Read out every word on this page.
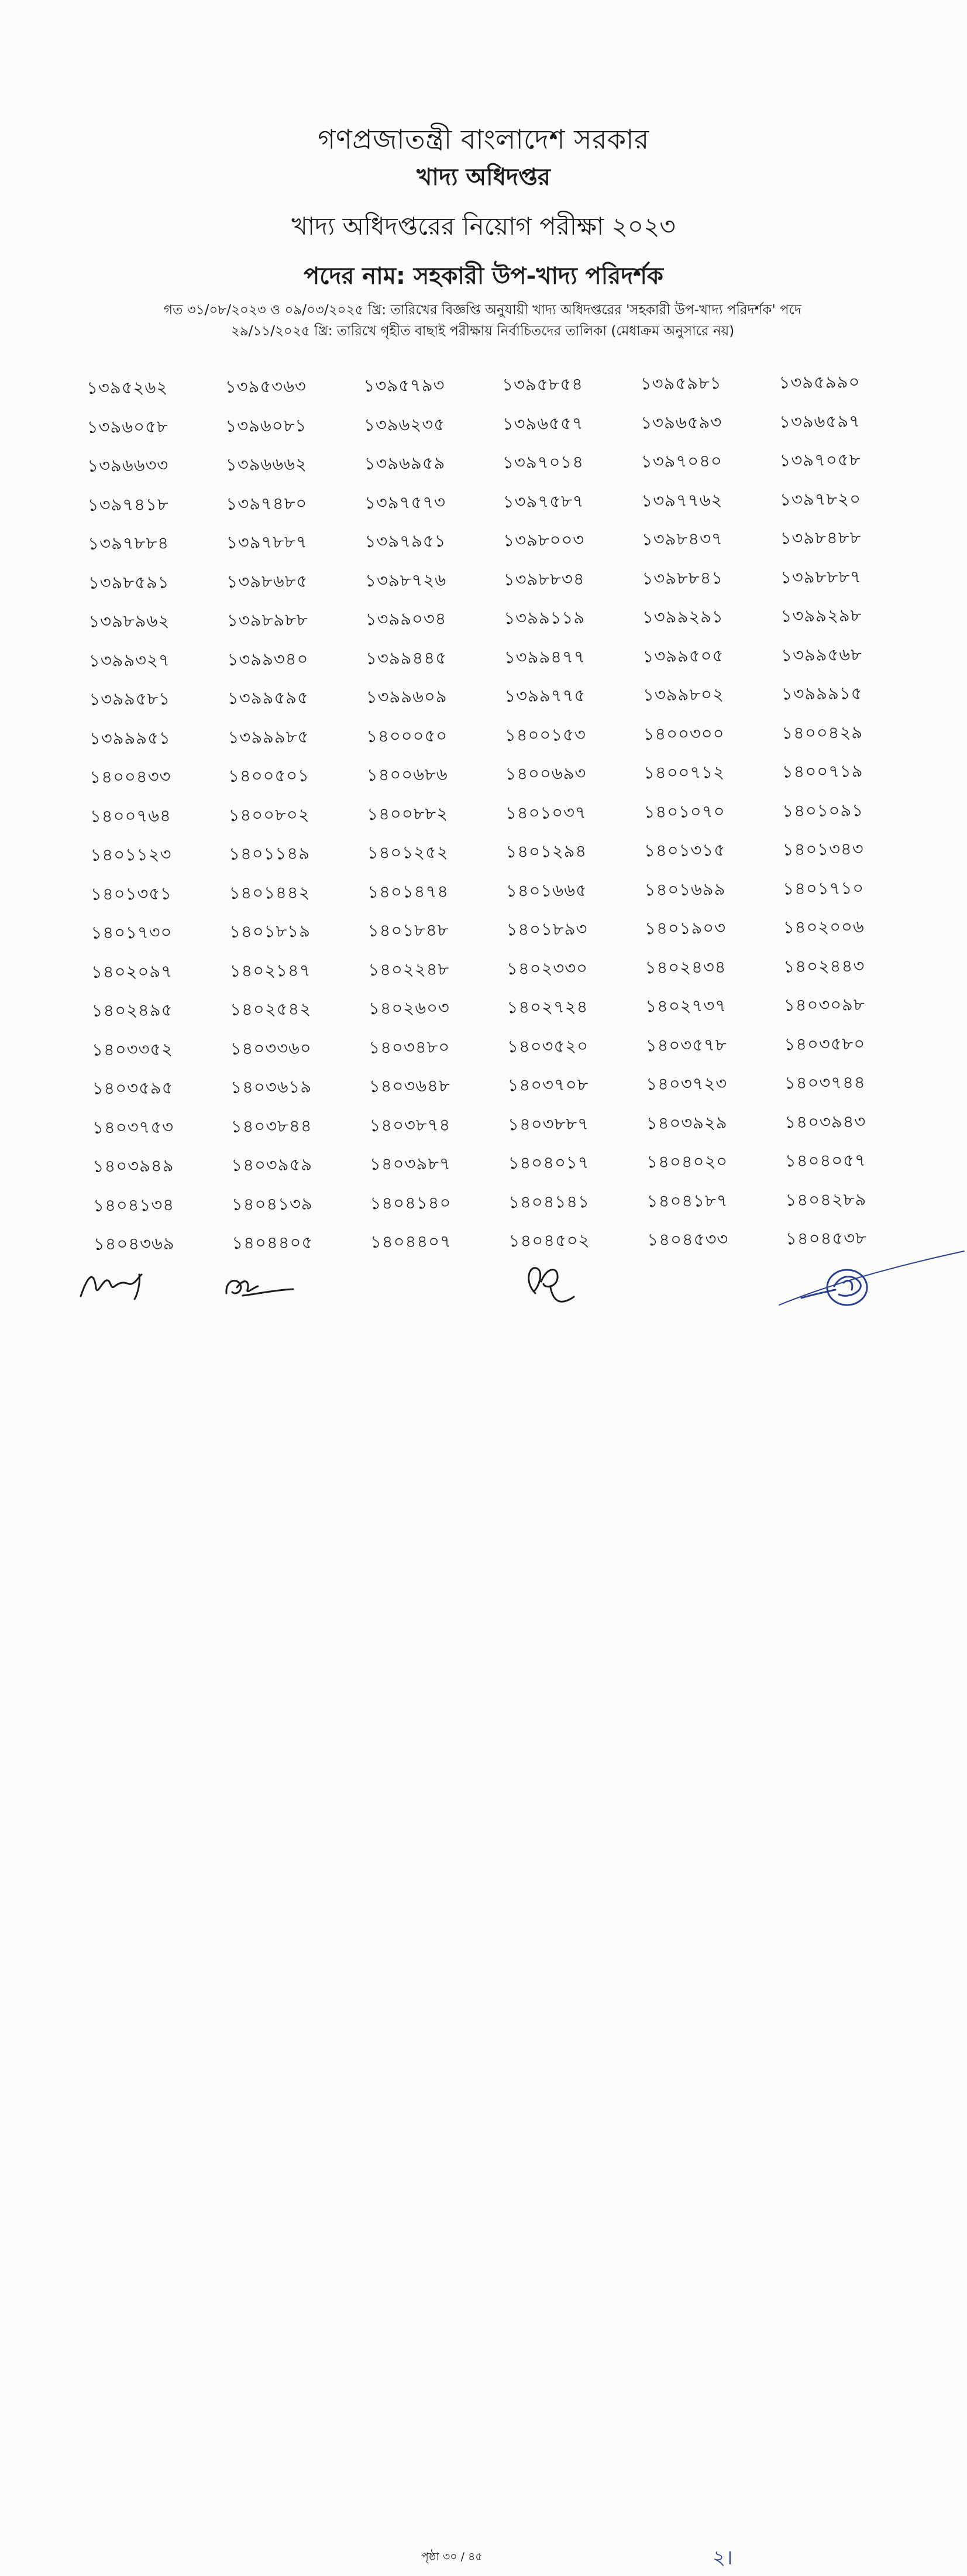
গণপ্রজাতন্ত্রী বাংলাদেশ সরকার

খাদ্য অধিদপ্তর

খাদ্য অধিদপ্তরের নিয়োগ পরীক্ষা ২০২৩

পদের নাম: সহকারী উপ-খাদ্য পরিদর্শক

গত ৩১/০৮/২০২৩ ও ০৯/০৩/২০২৫ খ্রি: তারিখের বিজ্ঞপ্তি অনুযায়ী খাদ্য অধিদপ্তরের 'সহকারী উপ-খাদ্য পরিদর্শক' পদে
২৯/১১/২০২৫ খ্রি: তারিখে গৃহীত বাছাই পরীক্ষায় নির্বাচিতদের তালিকা (মেধাক্রম অনুসারে নয়)
১৩৯৫২৬২	১৩৯৫৩৬৩	১৩৯৫৭৯৩	১৩৯৫৮৫৪	১৩৯৫৯৮১	১৩৯৫৯৯০
১৩৯৬০৫৮	১৩৯৬০৮১	১৩৯৬২৩৫	১৩৯৬৫৫৭	১৩৯৬৫৯৩	১৩৯৬৫৯৭
১৩৯৬৬৩৩	১৩৯৬৬৬২	১৩৯৬৯৫৯	১৩৯৭০১৪	১৩৯৭০৪০	১৩৯৭০৫৮
১৩৯৭৪১৮	১৩৯৭৪৮০	১৩৯৭৫৭৩	১৩৯৭৫৮৭	১৩৯৭৭৬২	১৩৯৭৮২০
১৩৯৭৮৮৪	১৩৯৭৮৮৭	১৩৯৭৯৫১	১৩৯৮০০৩	১৩৯৮৪৩৭	১৩৯৮৪৮৮
১৩৯৮৫৯১	১৩৯৮৬৮৫	১৩৯৮৭২৬	১৩৯৮৮৩৪	১৩৯৮৮৪১	১৩৯৮৮৮৭
১৩৯৮৯৬২	১৩৯৮৯৮৮	১৩৯৯০৩৪	১৩৯৯১১৯	১৩৯৯২৯১	১৩৯৯২৯৮
১৩৯৯৩২৭	১৩৯৯৩৪০	১৩৯৯৪৪৫	১৩৯৯৪৭৭	১৩৯৯৫০৫	১৩৯৯৫৬৮
১৩৯৯৫৮১	১৩৯৯৫৯৫	১৩৯৯৬০৯	১৩৯৯৭৭৫	১৩৯৯৮০২	১৩৯৯৯১৫
১৩৯৯৯৫১	১৩৯৯৯৮৫	১৪০০০৫০	১৪০০১৫৩	১৪০০৩০০	১৪০০৪২৯
১৪০০৪৩৩	১৪০০৫০১	১৪০০৬৮৬	১৪০০৬৯৩	১৪০০৭১২	১৪০০৭১৯
১৪০০৭৬৪	১৪০০৮০২	১৪০০৮৮২	১৪০১০৩৭	১৪০১০৭০	১৪০১০৯১
১৪০১১২৩	১৪০১১৪৯	১৪০১২৫২	১৪০১২৯৪	১৪০১৩১৫	১৪০১৩৪৩
১৪০১৩৫১	১৪০১৪৪২	১৪০১৪৭৪	১৪০১৬৬৫	১৪০১৬৯৯	১৪০১৭১০
১৪০১৭৩০	১৪০১৮১৯	১৪০১৮৪৮	১৪০১৮৯৩	১৪০১৯০৩	১৪০২০০৬
১৪০২০৯৭	১৪০২১৪৭	১৪০২২৪৮	১৪০২৩৩০	১৪০২৪৩৪	১৪০২৪৪৩
১৪০২৪৯৫	১৪০২৫৪২	১৪০২৬০৩	১৪০২৭২৪	১৪০২৭৩৭	১৪০৩০৯৮
১৪০৩৩৫২	১৪০৩৩৬০	১৪০৩৪৮০	১৪০৩৫২০	১৪০৩৫৭৮	১৪০৩৫৮০
১৪০৩৫৯৫	১৪০৩৬১৯	১৪০৩৬৪৮	১৪০৩৭০৮	১৪০৩৭২৩	১৪০৩৭৪৪
১৪০৩৭৫৩	১৪০৩৮৪৪	১৪০৩৮৭৪	১৪০৩৮৮৭	১৪০৩৯২৯	১৪০৩৯৪৩
১৪০৩৯৪৯	১৪০৩৯৫৯	১৪০৩৯৮৭	১৪০৪০১৭	১৪০৪০২০	১৪০৪০৫৭
১৪০৪১৩৪	১৪০৪১৩৯	১৪০৪১৪০	১৪০৪১৪১	১৪০৪১৮৭	১৪০৪২৮৯
১৪০৪৩৬৯	১৪০৪৪০৫	১৪০৪৪০৭	১৪০৪৫০২	১৪০৪৫৩৩	১৪০৪৫৩৮
পৃষ্ঠা ৩০ / ৪৫	২।
